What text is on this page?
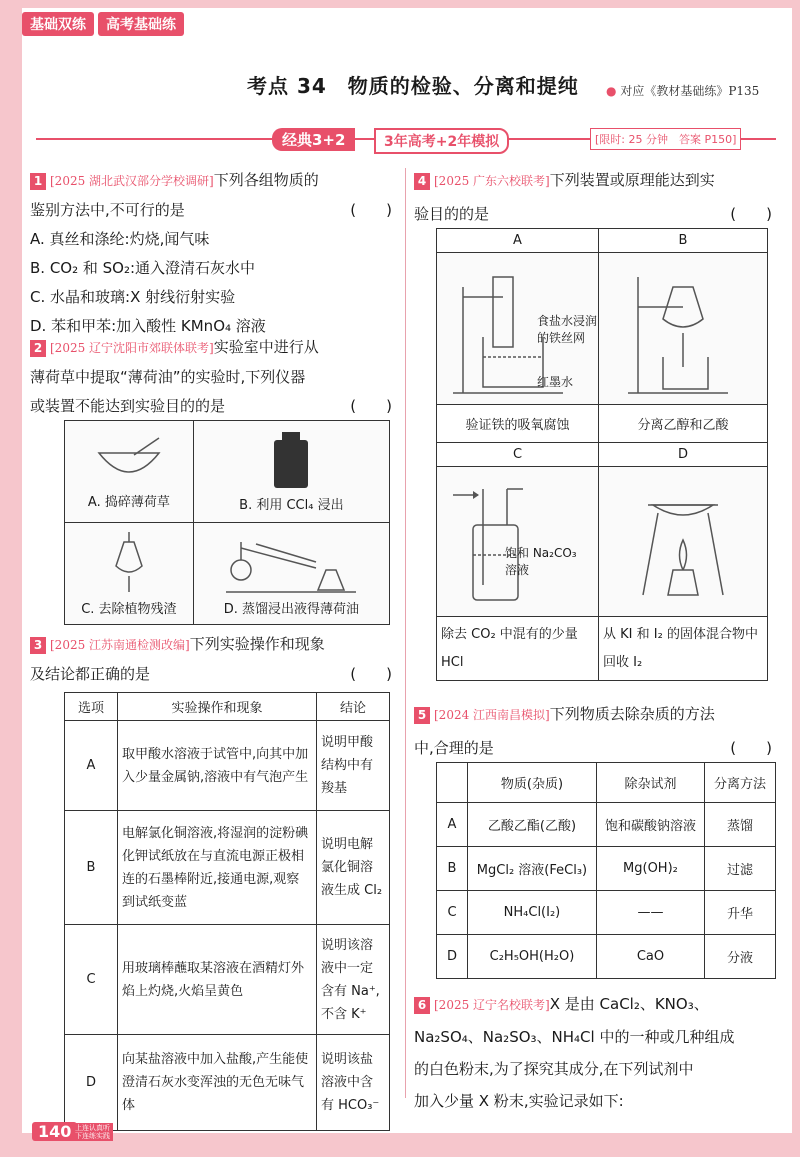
基础双练	高考基础练
考点 34　物质的检验、分离和提纯 ● 对应《教材基础练》P135
经典3+2	3年高考+2年模拟	[限时: 25 分钟　答案 P150]
1 [2025 湖北武汉部分学校调研]下列各组物质的
鉴别方法中,不可行的是	(　　)
A. 真丝和涤纶:灼烧,闻气味
B. CO₂ 和 SO₂:通入澄清石灰水中
C. 水晶和玻璃:X 射线衍射实验
D. 苯和甲苯:加入酸性 KMnO₄ 溶液
2 [2025 辽宁沈阳市郊联体联考]实验室中进行从
薄荷草中提取“薄荷油”的实验时,下列仪器
或装置不能达到实验目的的是	(　　)
A. 捣碎薄荷草	B. 利用 CCl₄ 浸出

C. 去除植物残渣	D. 蒸馏浸出液得薄荷油
3 [2025 江苏南通检测改编]下列实验操作和现象
及结论都正确的是	(　　)
选项	实验操作和现象	结论
A	取甲酸水溶液于试管中,向其中加入少量金属钠,溶液中有气泡产生	说明甲酸结构中有羧基
B	电解氯化铜溶液,将湿润的淀粉碘化钾试纸放在与直流电源正极相连的石墨棒附近,接通电源,观察到试纸变蓝	说明电解氯化铜溶液生成 Cl₂
C	用玻璃棒蘸取某溶液在酒精灯外焰上灼烧,火焰呈黄色	说明该溶液中一定含有 Na⁺,不含 K⁺
D	向某盐溶液中加入盐酸,产生能使澄清石灰水变浑浊的无色无味气体	说明该盐溶液中含有 HCO₃⁻
4 [2025 广东六校联考]下列装置或原理能达到实
验目的的是	(　　)
A	B

食盐水浸润的铁丝网
红墨水

验证铁的吸氧腐蚀	分离乙醇和乙酸
C	D

饱和 Na₂CO₃溶液

除去 CO₂ 中混有的少量 HCl	从 KI 和 I₂ 的固体混合物中回收 I₂
5 [2024 江西南昌模拟]下列物质去除杂质的方法
中,合理的是	(　　)
	物质(杂质)	除杂试剂	分离方法
A	乙酸乙酯(乙酸)	饱和碳酸钠溶液	蒸馏
B	MgCl₂ 溶液(FeCl₃)	Mg(OH)₂	过滤
C	NH₄Cl(I₂)	——	升华
D	C₂H₅OH(H₂O)	CaO	分液
6 [2025 辽宁名校联考]X 是由 CaCl₂、KNO₃、
Na₂SO₄、Na₂SO₃、NH₄Cl 中的一种或几种组成
的白色粉末,为了探究其成分,在下列试剂中
加入少量 X 粉末,实验记录如下:
140 上连认真听
下连练实践
